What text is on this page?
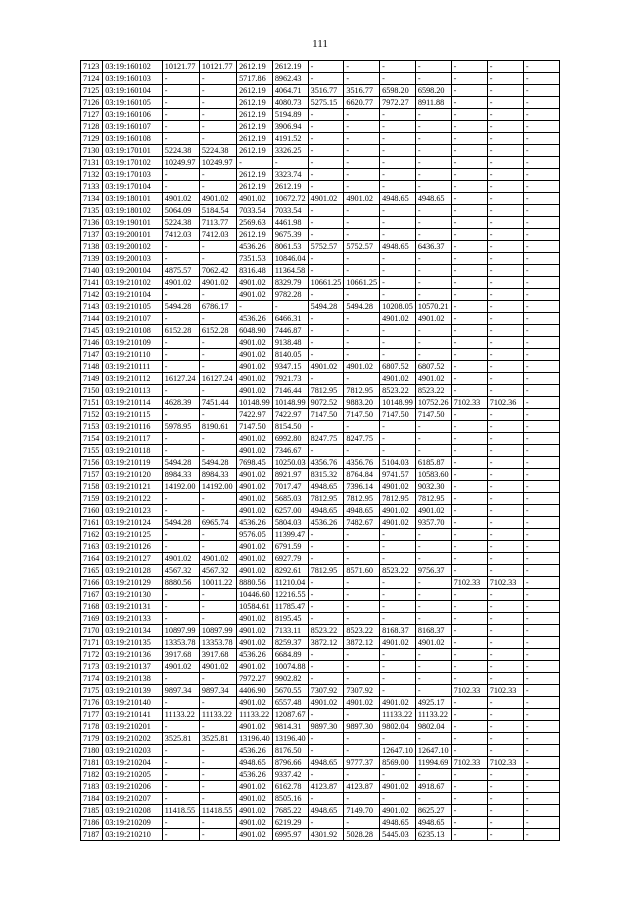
111
7123	03:19:160102	10121.77	10121.77	2612.19	2612.19	-	-	-	-	-	-	-
7124	03:19:160103	-	-	5717.86	8962.43	-	-	-	-	-	-	-
7125	03:19:160104	-	-	2612.19	4064.71	3516.77	3516.77	6598.20	6598.20	-	-	-
7126	03:19:160105	-	-	2612.19	4080.73	5275.15	6620.77	7972.27	8911.88	-	-	-
7127	03:19:160106	-	-	2612.19	5194.89	-	-	-	-	-	-	-
7128	03:19:160107	-	-	2612.19	3906.94	-	-	-	-	-	-	-
7129	03:19:160108	-	-	2612.19	4191.52	-	-	-	-	-	-	-
7130	03:19:170101	5224.38	5224.38	2612.19	3326.25	-	-	-	-	-	-	-
7131	03:19:170102	10249.97	10249.97	-	-	-	-	-	-	-	-	-
7132	03:19:170103	-	-	2612.19	3323.74	-	-	-	-	-	-	-
7133	03:19:170104	-	-	2612.19	2612.19	-	-	-	-	-	-	-
7134	03:19:180101	4901.02	4901.02	4901.02	10672.72	4901.02	4901.02	4948.65	4948.65	-	-	-
7135	03:19:180102	5064.09	5184.54	7033.54	7033.54	-	-	-	-	-	-	-
7136	03:19:190101	5224.38	7113.77	2569.63	4461.98	-	-	-	-	-	-	-
7137	03:19:200101	7412.03	7412.03	2612.19	9675.39	-	-	-	-	-	-	-
7138	03:19:200102	-	-	4536.26	8061.53	5752.57	5752.57	4948.65	6436.37	-	-	-
7139	03:19:200103	-	-	7351.53	10846.04	-	-	-	-	-	-	-
7140	03:19:200104	4875.57	7062.42	8316.48	11364.58	-	-	-	-	-	-	-
7141	03:19:210102	4901.02	4901.02	4901.02	8329.79	10661.25	10661.25	-	-	-	-	-
7142	03:19:210104	-	-	4901.02	9782.28	-	-	-	-	-	-	-
7143	03:19:210105	5494.28	6786.17	-	-	5494.28	5494.28	10208.05	10570.21	-	-	-
7144	03:19:210107	-	-	4536.26	6466.31	-	-	4901.02	4901.02	-	-	-
7145	03:19:210108	6152.28	6152.28	6048.90	7446.87	-	-	-	-	-	-	-
7146	03:19:210109	-	-	4901.02	9138.48	-	-	-	-	-	-	-
7147	03:19:210110	-	-	4901.02	8140.05	-	-	-	-	-	-	-
7148	03:19:210111	-	-	4901.02	9347.15	4901.02	4901.02	6807.52	6807.52	-	-	-
7149	03:19:210112	16127.24	16127.24	4901.02	7921.73	-	-	4901.02	4901.02	-	-	-
7150	03:19:210113	-	-	4901.02	7146.44	7812.95	7812.95	8523.22	8523.22	-	-	-
7151	03:19:210114	4628.39	7451.44	10148.99	10148.99	9072.52	9883.20	10148.99	10752.26	7102.33	7102.36	-
7152	03:19:210115	-	-	7422.97	7422.97	7147.50	7147.50	7147.50	7147.50	-	-	-
7153	03:19:210116	5978.95	8190.61	7147.50	8154.50	-	-	-	-	-	-	-
7154	03:19:210117	-	-	4901.02	6992.80	8247.75	8247.75	-	-	-	-	-
7155	03:19:210118	-	-	4901.02	7346.67	-	-	-	-	-	-	-
7156	03:19:210119	5494.28	5494.28	7698.45	10250.03	4356.76	4356.76	5104.03	6185.87	-	-	-
7157	03:19:210120	8984.33	8984.33	4901.02	8921.97	8315.32	8764.84	9741.57	10583.60	-	-	-
7158	03:19:210121	14192.00	14192.00	4901.02	7017.47	4948.65	7396.14	4901.02	9032.30	-	-	-
7159	03:19:210122	-	-	4901.02	5685.03	7812.95	7812.95	7812.95	7812.95	-	-	-
7160	03:19:210123	-	-	4901.02	6257.00	4948.65	4948.65	4901.02	4901.02	-	-	-
7161	03:19:210124	5494.28	6965.74	4536.26	5804.03	4536.26	7482.67	4901.02	9357.70	-	-	-
7162	03:19:210125	-	-	9576.05	11399.47	-	-	-	-	-	-	-
7163	03:19:210126	-	-	4901.02	6791.59	-	-	-	-	-	-	-
7164	03:19:210127	4901.02	4901.02	4901.02	6927.79	-	-	-	-	-	-	-
7165	03:19:210128	4567.32	4567.32	4901.02	8292.61	7812.95	8571.60	8523.22	9756.37	-	-	-
7166	03:19:210129	8880.56	10011.22	8880.56	11210.04	-	-	-	-	7102.33	7102.33	-
7167	03:19:210130	-	-	10446.60	12216.55	-	-	-	-	-	-	-
7168	03:19:210131	-	-	10584.61	11785.47	-	-	-	-	-	-	-
7169	03:19:210133	-	-	4901.02	8195.45	-	-	-	-	-	-	-
7170	03:19:210134	10897.99	10897.99	4901.02	7133.11	8523.22	8523.22	8168.37	8168.37	-	-	-
7171	03:19:210135	13353.78	13353.78	4901.02	8259.37	3872.12	3872.12	4901.02	4901.02	-	-	-
7172	03:19:210136	3917.68	3917.68	4536.26	6684.89	-	-	-	-	-	-	-
7173	03:19:210137	4901.02	4901.02	4901.02	10074.88	-	-	-	-	-	-	-
7174	03:19:210138	-	-	7972.27	9902.82	-	-	-	-	-	-	-
7175	03:19:210139	9897.34	9897.34	4406.90	5670.55	7307.92	7307.92	-	-	7102.33	7102.33	-
7176	03:19:210140	-	-	4901.02	6557.48	4901.02	4901.02	4901.02	4925.17	-	-	-
7177	03:19:210141	11133.22	11133.22	11133.22	12087.67	-	-	11133.22	11133.22	-	-	-
7178	03:19:210201	-	-	4901.02	9814.31	9897.30	9897.30	9802.04	9802.04	-	-	-
7179	03:19:210202	3525.81	3525.81	13196.40	13196.40	-	-	-	-	-	-	-
7180	03:19:210203	-	-	4536.26	8176.50	-	-	12647.10	12647.10	-	-	-
7181	03:19:210204	-	-	4948.65	8796.66	4948.65	9777.37	8569.00	11994.69	7102.33	7102.33	-
7182	03:19:210205	-	-	4536.26	9337.42	-	-	-	-	-	-	-
7183	03:19:210206	-	-	4901.02	6162.78	4123.87	4123.87	4901.02	4918.67	-	-	-
7184	03:19:210207	-	-	4901.02	8505.16	-	-	-	-	-	-	-
7185	03:19:210208	11418.55	11418.55	4901.02	7685.22	4948.65	7149.70	4901.02	8625.27	-	-	-
7186	03:19:210209	-	-	4901.02	6219.29	-	-	4948.65	4948.65	-	-	-
7187	03:19:210210	-	-	4901.02	6995.97	4301.92	5028.28	5445.03	6235.13	-	-	-
